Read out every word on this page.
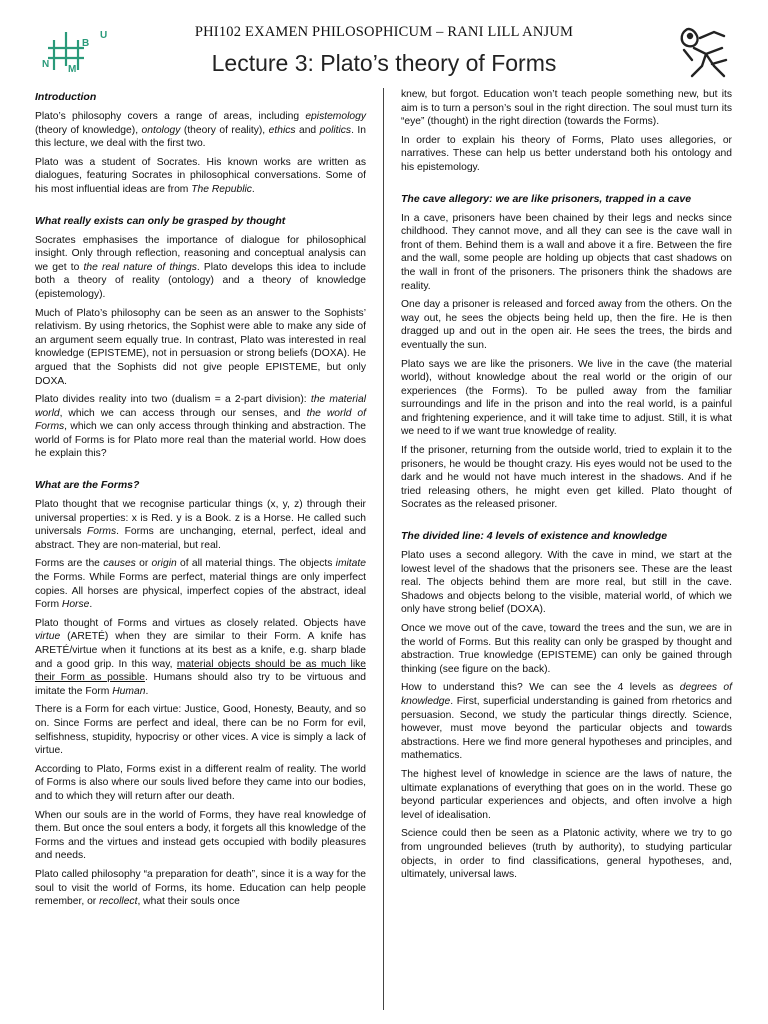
N M
B
U	PHI102 EXAMEN PHILOSOPHICUM – RANI LILL ANJUM
Lecture 3: Plato’s theory of Forms
Introduction

Plato’s philosophy covers a range of areas, including epistemology (theory of knowledge), ontology (theory of reality), ethics and politics. In this lecture, we deal with the first two.

Plato was a student of Socrates. His known works are written as dialogues, featuring Socrates in philosophical conversations. Some of his most influential ideas are from The Republic.

What really exists can only be grasped by thought

Socrates emphasises the importance of dialogue for philosophical insight. Only through reflection, reasoning and conceptual analysis can we get to the real nature of things. Plato develops this idea to include both a theory of reality (ontology) and a theory of knowledge (epistemology).

Much of Plato’s philosophy can be seen as an answer to the Sophists’ relativism. By using rhetorics, the Sophist were able to make any side of an argument seem equally true. In contrast, Plato was interested in real knowledge (EPISTEME), not in persuasion or strong beliefs (DOXA). He argued that the Sophists did not give people EPISTEME, but only DOXA.

Plato divides reality into two (dualism = a 2-part division): the material world, which we can access through our senses, and the world of Forms, which we can only access through thinking and abstraction. The world of Forms is for Plato more real than the material world. How does he explain this?

What are the Forms?

Plato thought that we recognise particular things (x, y, z) through their universal properties: x is Red. y is a Book. z is a Horse. He called such universals Forms. Forms are unchanging, eternal, perfect, ideal and abstract. They are non-material, but real.

Forms are the causes or origin of all material things. The objects imitate the Forms. While Forms are perfect, material things are only imperfect copies. All horses are physical, imperfect copies of the abstract, ideal Form Horse.

Plato thought of Forms and virtues as closely related. Objects have virtue (ARETÉ) when they are similar to their Form. A knife has ARETÉ/virtue when it functions at its best as a knife, e.g. sharp blade and a good grip. In this way, material objects should be as much like their Form as possible. Humans should also try to be virtuous and imitate the Form Human.

There is a Form for each virtue: Justice, Good, Honesty, Beauty, and so on. Since Forms are perfect and ideal, there can be no Form for evil, selfishness, stupidity, hypocrisy or other vices. A vice is simply a lack of virtue.

According to Plato, Forms exist in a different realm of reality. The world of Forms is also where our souls lived before they came into our bodies, and to which they will return after our death.

When our souls are in the world of Forms, they have real knowledge of them. But once the soul enters a body, it forgets all this knowledge of the Forms and the virtues and instead gets occupied with bodily pleasures and needs.

Plato called philosophy “a preparation for death”, since it is a way for the soul to visit the world of Forms, its home. Education can help people remember, or recollect, what their souls once

knew, but forgot. Education won’t teach people something new, but its aim is to turn a person’s soul in the right direction. The soul must turn its “eye” (thought) in the right direction (towards the Forms).

In order to explain his theory of Forms, Plato uses allegories, or narratives. These can help us better understand both his ontology and his epistemology.

The cave allegory: we are like prisoners, trapped in a cave

In a cave, prisoners have been chained by their legs and necks since childhood. They cannot move, and all they can see is the cave wall in front of them. Behind them is a wall and above it a fire. Between the fire and the wall, some people are holding up objects that cast shadows on the wall in front of the prisoners. The prisoners think the shadows are reality.

One day a prisoner is released and forced away from the others. On the way out, he sees the objects being held up, then the fire. He is then dragged up and out in the open air. He sees the trees, the birds and eventually the sun.

Plato says we are like the prisoners. We live in the cave (the material world), without knowledge about the real world or the origin of our experiences (the Forms). To be pulled away from the familiar surroundings and life in the prison and into the real world, is a painful and frightening experience, and it will take time to adjust. Still, it is what we need to if we want true knowledge of reality.

If the prisoner, returning from the outside world, tried to explain it to the prisoners, he would be thought crazy. His eyes would not be used to the dark and he would not have much interest in the shadows. And if he tried releasing others, he might even get killed. Plato thought of Socrates as the released prisoner.

The divided line: 4 levels of existence and knowledge

Plato uses a second allegory. With the cave in mind, we start at the lowest level of the shadows that the prisoners see. These are the least real. The objects behind them are more real, but still in the cave. Shadows and objects belong to the visible, material world, of which we only have strong belief (DOXA).

Once we move out of the cave, toward the trees and the sun, we are in the world of Forms. But this reality can only be grasped by thought and abstraction. True knowledge (EPISTEME) can only be gained through thinking (see figure on the back).

How to understand this? We can see the 4 levels as degrees of knowledge. First, superficial understanding is gained from rhetorics and persuasion. Second, we study the particular things directly. Science, however, must move beyond the particular objects and towards abstractions. Here we find more general hypotheses and principles, and mathematics.

The highest level of knowledge in science are the laws of nature, the ultimate explanations of everything that goes on in the world. These go beyond particular experiences and objects, and often involve a high level of idealisation.

Science could then be seen as a Platonic activity, where we try to go from ungrounded believes (truth by authority), to studying particular objects, in order to find classifications, general hypotheses, and, ultimately, universal laws.
